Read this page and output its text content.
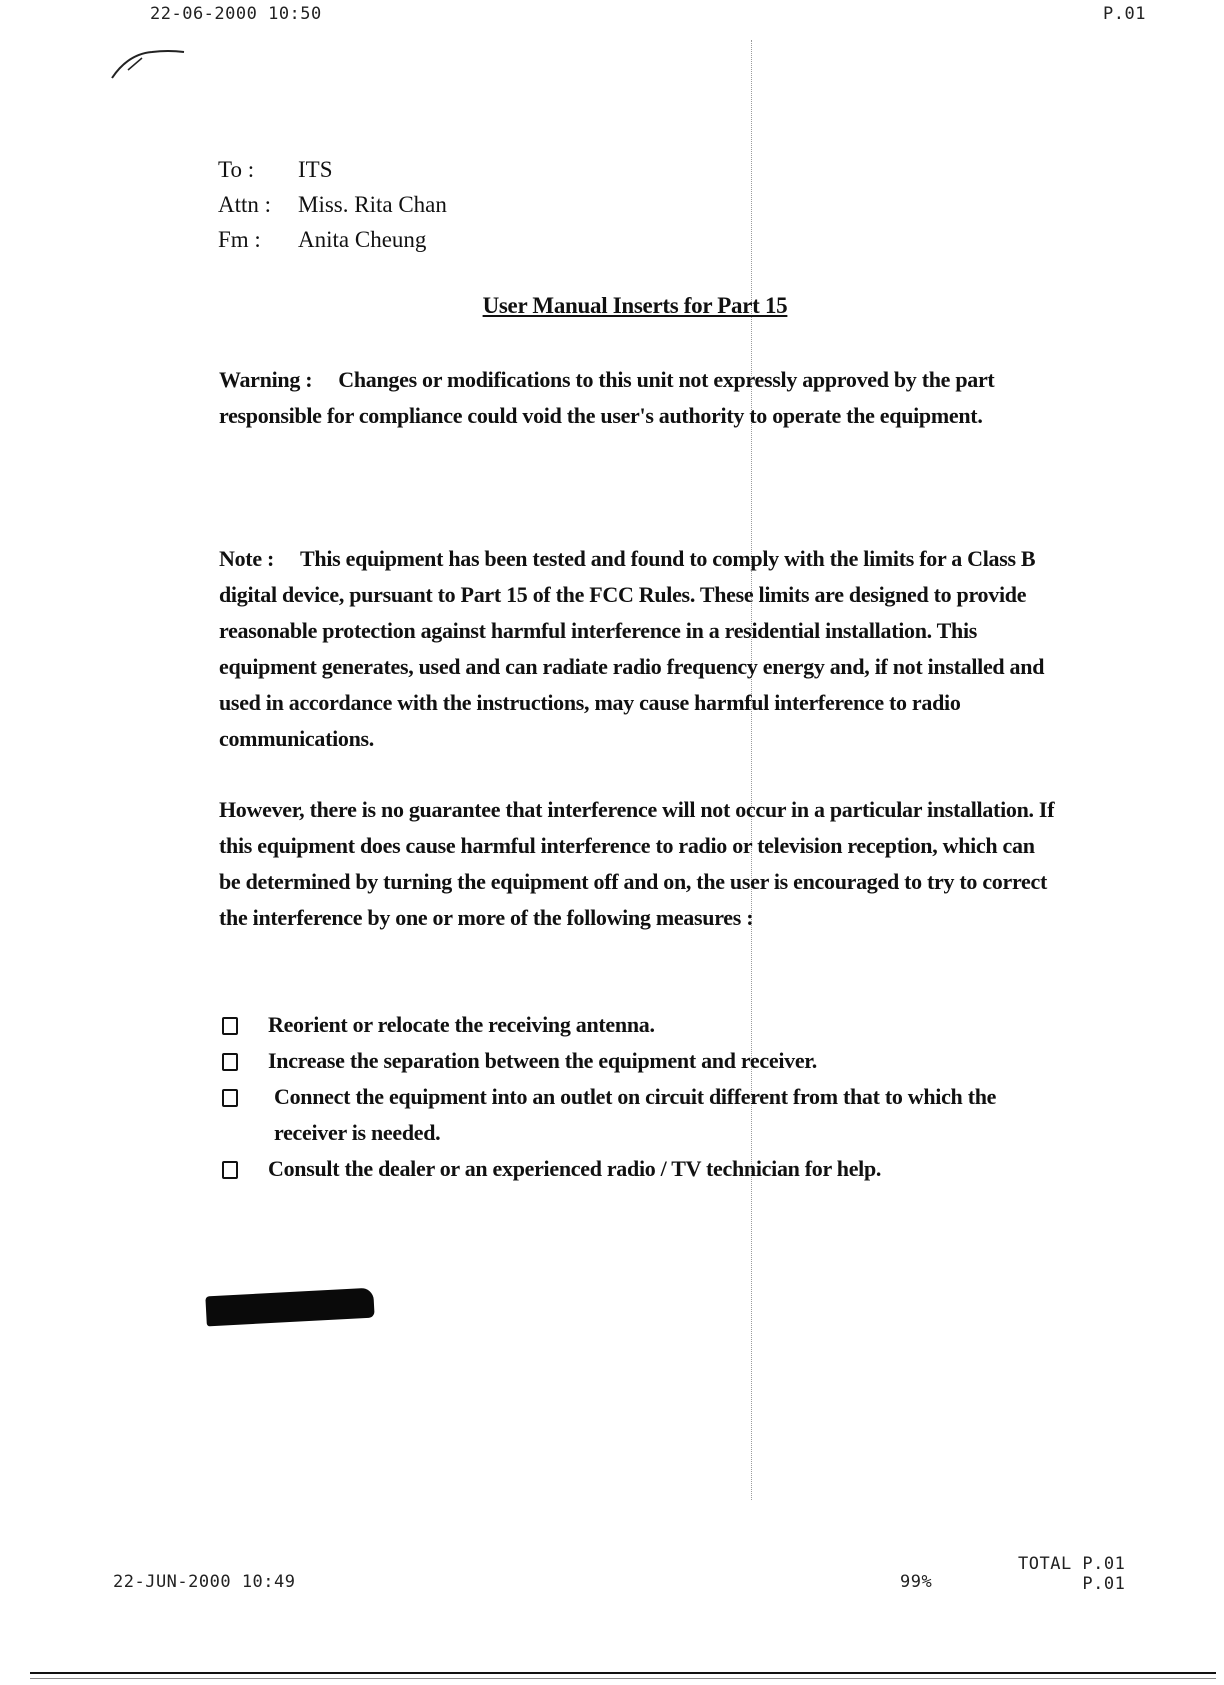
22-06-2000 10:50	P.01
To :	ITS
Attn :	Miss. Rita Chan
Fm :	Anita Cheung
User Manual Inserts for Part 15
Warning : Changes or modifications to this unit not expressly approved by the part responsible for compliance could void the user's authority to operate the equipment.
Note : This equipment has been tested and found to comply with the limits for a Class B digital device, pursuant to Part 15 of the FCC Rules. These limits are designed to provide reasonable protection against harmful interference in a residential installation. This equipment generates, used and can radiate radio frequency energy and, if not installed and used in accordance with the instructions, may cause harmful interference to radio communications.
However, there is no guarantee that interference will not occur in a particular installation. If this equipment does cause harmful interference to radio or television reception, which can be determined by turning the equipment off and on, the user is encouraged to try to correct the interference by one or more of the following measures :
Reorient or relocate the receiving antenna.
Increase the separation between the equipment and receiver.
Connect the equipment into an outlet on circuit different from that to which the receiver is needed.
Consult the dealer or an experienced radio / TV technician for help.
22-JUN-2000 10:49	99%
TOTAL P.01
P.01
